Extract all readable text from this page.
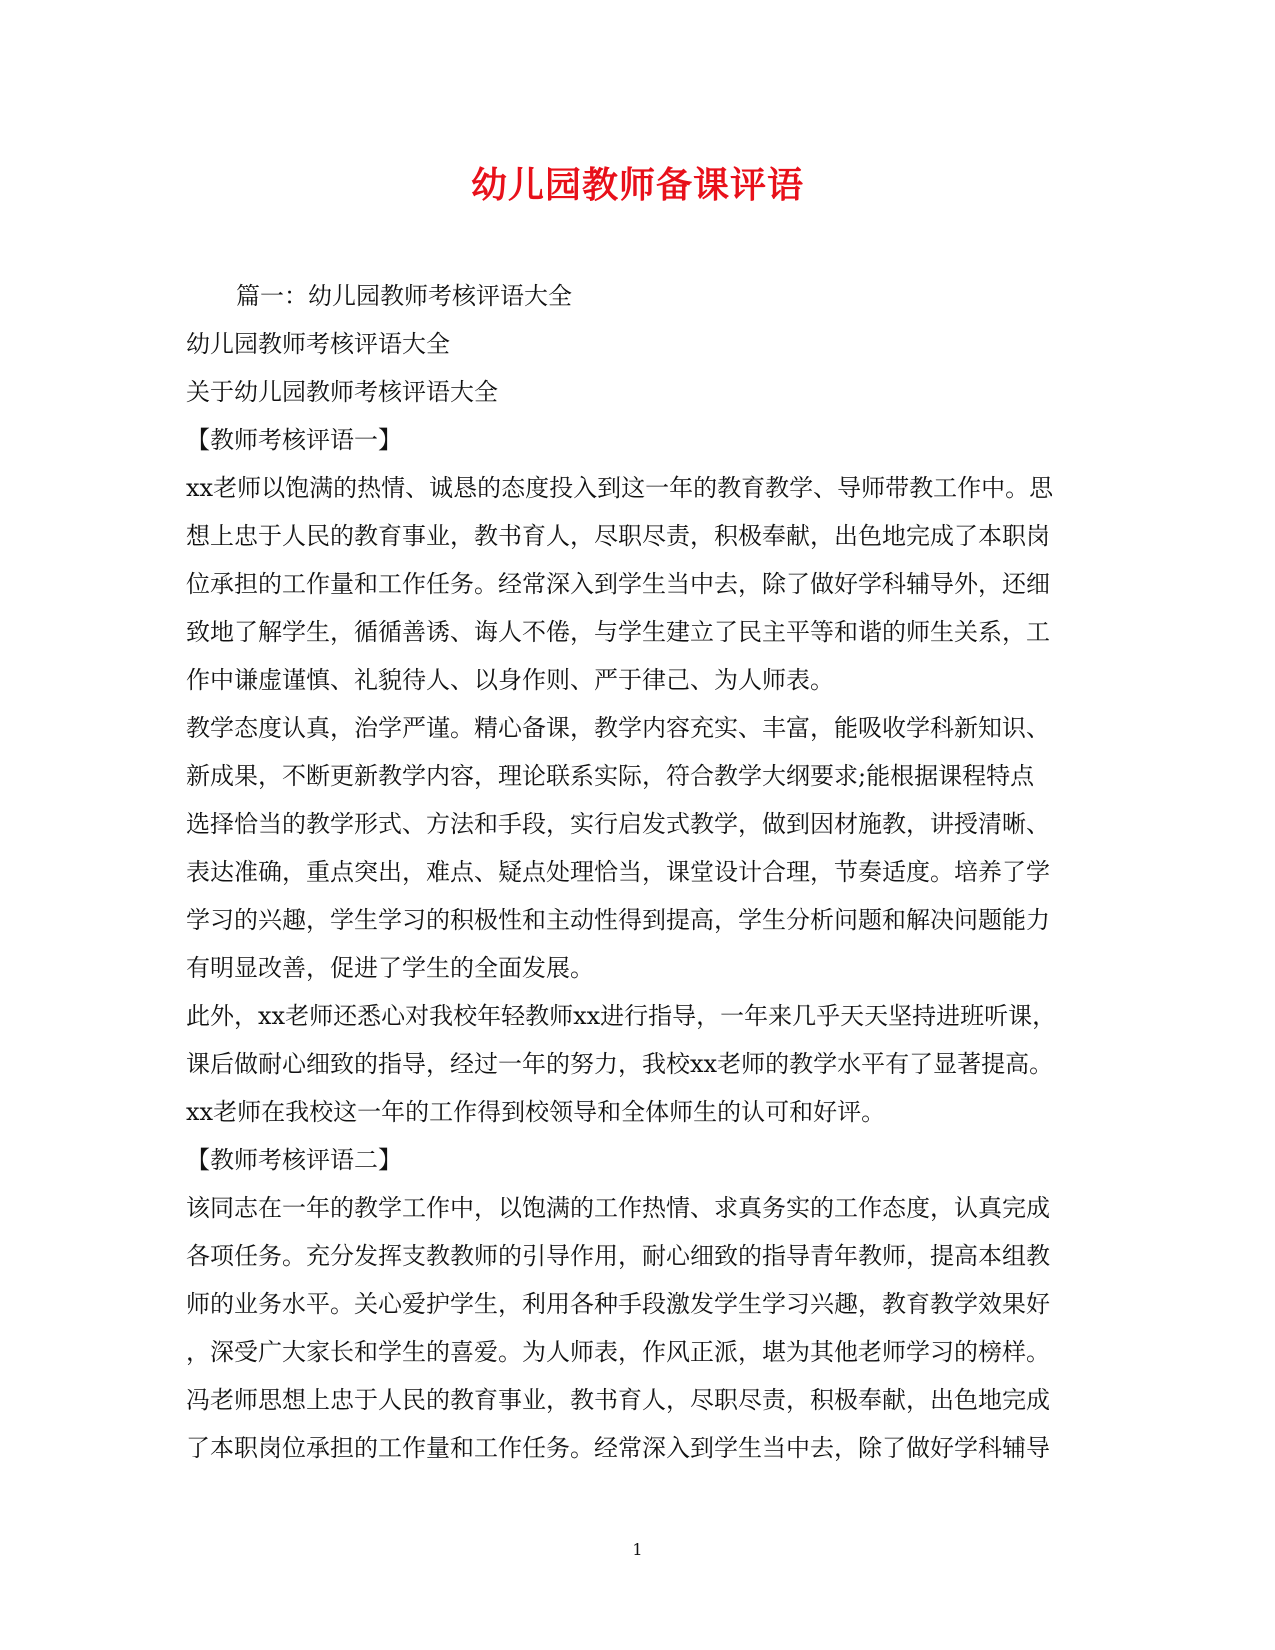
幼儿园教师备课评语
篇一：幼儿园教师考核评语大全
幼儿园教师考核评语大全
关于幼儿园教师考核评语大全
【教师考核评语一】
xx老师以饱满的热情、诚恳的态度投入到这一年的教育教学、导师带教工作中。思
想上忠于人民的教育事业，教书育人，尽职尽责，积极奉献，出色地完成了本职岗
位承担的工作量和工作任务。经常深入到学生当中去，除了做好学科辅导外，还细
致地了解学生，循循善诱、诲人不倦，与学生建立了民主平等和谐的师生关系，工
作中谦虚谨慎、礼貌待人、以身作则、严于律己、为人师表。
教学态度认真，治学严谨。精心备课，教学内容充实、丰富，能吸收学科新知识、
新成果，不断更新教学内容，理论联系实际，符合教学大纲要求;能根据课程特点
选择恰当的教学形式、方法和手段，实行启发式教学，做到因材施教，讲授清晰、
表达准确，重点突出，难点、疑点处理恰当，课堂设计合理，节奏适度。培养了学
学习的兴趣，学生学习的积极性和主动性得到提高，学生分析问题和解决问题能力
有明显改善，促进了学生的全面发展。
此外，xx老师还悉心对我校年轻教师xx进行指导，一年来几乎天天坚持进班听课，
课后做耐心细致的指导，经过一年的努力，我校xx老师的教学水平有了显著提高。
xx老师在我校这一年的工作得到校领导和全体师生的认可和好评。
【教师考核评语二】
该同志在一年的教学工作中，以饱满的工作热情、求真务实的工作态度，认真完成
各项任务。充分发挥支教教师的引导作用，耐心细致的指导青年教师，提高本组教
师的业务水平。关心爱护学生，利用各种手段激发学生学习兴趣，教育教学效果好
，深受广大家长和学生的喜爱。为人师表，作风正派，堪为其他老师学习的榜样。
冯老师思想上忠于人民的教育事业，教书育人，尽职尽责，积极奉献，出色地完成
了本职岗位承担的工作量和工作任务。经常深入到学生当中去，除了做好学科辅导
1
